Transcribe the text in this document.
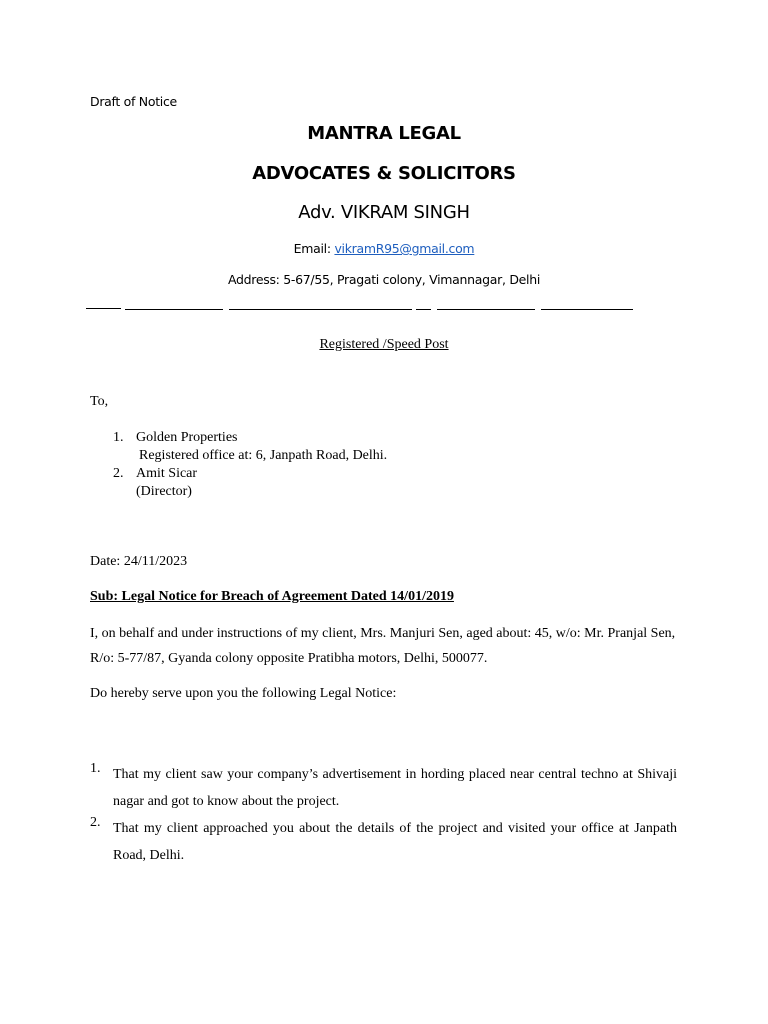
Draft of Notice
MANTRA LEGAL
ADVOCATES & SOLICITORS
Adv. VIKRAM SINGH
Email: vikramR95@gmail.com
Address: 5-67/55, Pragati colony, Vimannagar, Delhi
Registered /Speed Post
To,
1. Golden Properties
Registered office at: 6, Janpath Road, Delhi.
2. Amit Sicar
(Director)
Date: 24/11/2023
Sub: Legal Notice for Breach of Agreement Dated 14/01/2019
I, on behalf and under instructions of my client, Mrs. Manjuri Sen, aged about: 45, w/o: Mr. Pranjal Sen, R/o: 5-77/87, Gyanda colony opposite Pratibha motors, Delhi, 500077.
Do hereby serve upon you the following Legal Notice:
1. That my client saw your company’s advertisement in hording placed near central techno at Shivaji nagar and got to know about the project.
2. That my client approached you about the details of the project and visited your office at Janpath Road, Delhi.
